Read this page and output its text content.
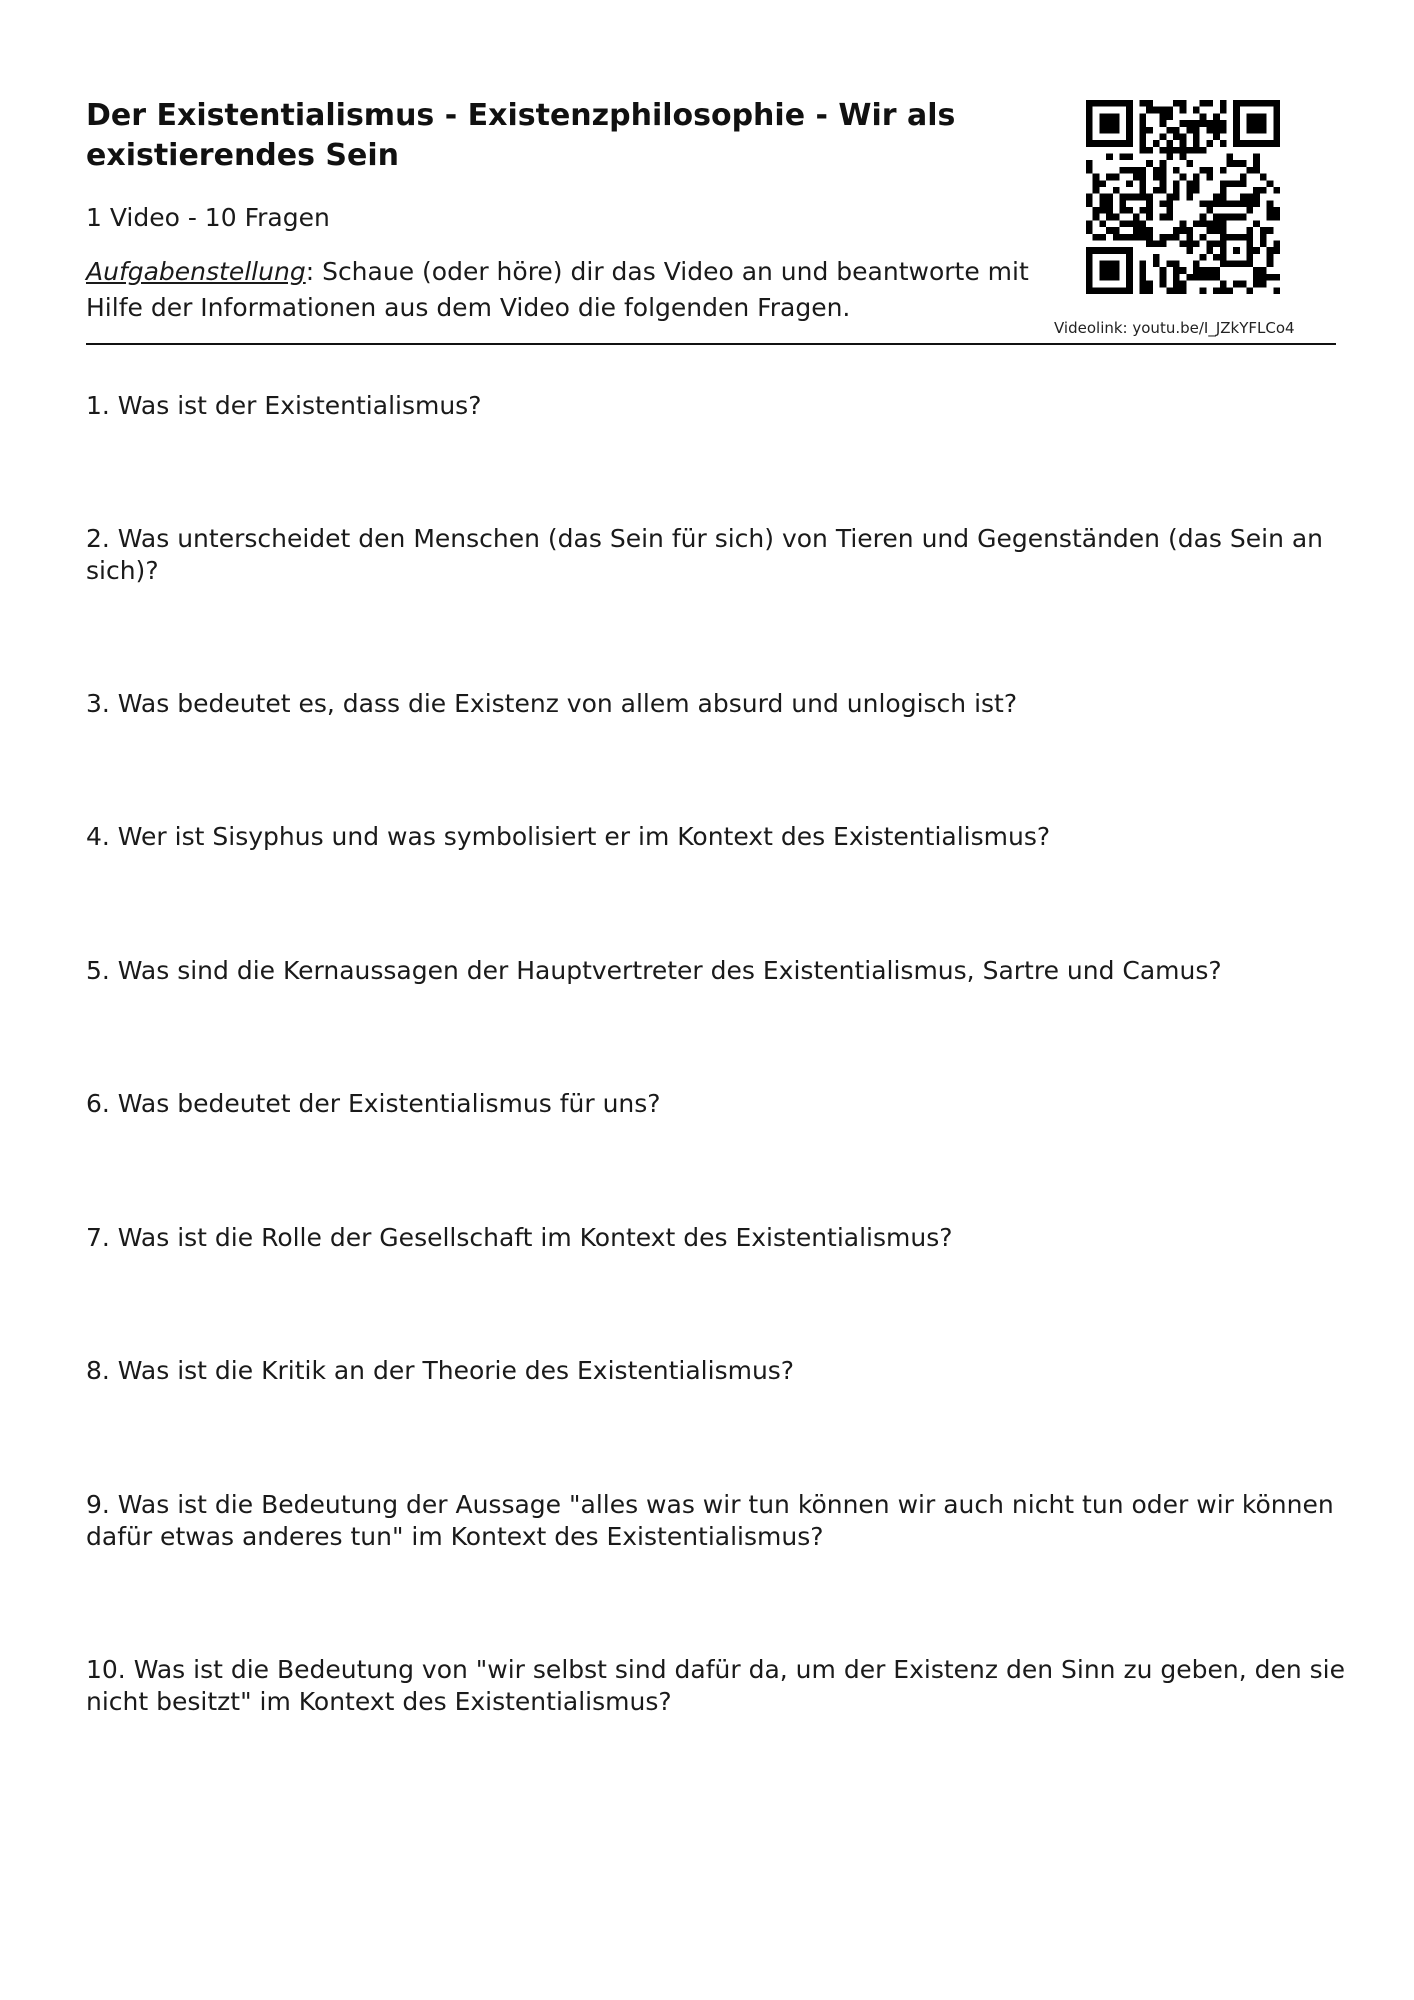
Der Existentialismus - Existenzphilosophie - Wir als existierendes Sein
1 Video - 10 Fragen
Aufgabenstellung: Schaue (oder höre) dir das Video an und beantworte mit Hilfe der Informationen aus dem Video die folgenden Fragen.
Videolink: youtu.be/I_JZkYFLCo4
1. Was ist der Existentialismus?
2. Was unterscheidet den Menschen (das Sein für sich) von Tieren und Gegenständen (das Sein an sich)?
3. Was bedeutet es, dass die Existenz von allem absurd und unlogisch ist?
4. Wer ist Sisyphus und was symbolisiert er im Kontext des Existentialismus?
5. Was sind die Kernaussagen der Hauptvertreter des Existentialismus, Sartre und Camus?
6. Was bedeutet der Existentialismus für uns?
7. Was ist die Rolle der Gesellschaft im Kontext des Existentialismus?
8. Was ist die Kritik an der Theorie des Existentialismus?
9. Was ist die Bedeutung der Aussage "alles was wir tun können wir auch nicht tun oder wir können dafür etwas anderes tun" im Kontext des Existentialismus?
10. Was ist die Bedeutung von "wir selbst sind dafür da, um der Existenz den Sinn zu geben, den sie nicht besitzt" im Kontext des Existentialismus?
